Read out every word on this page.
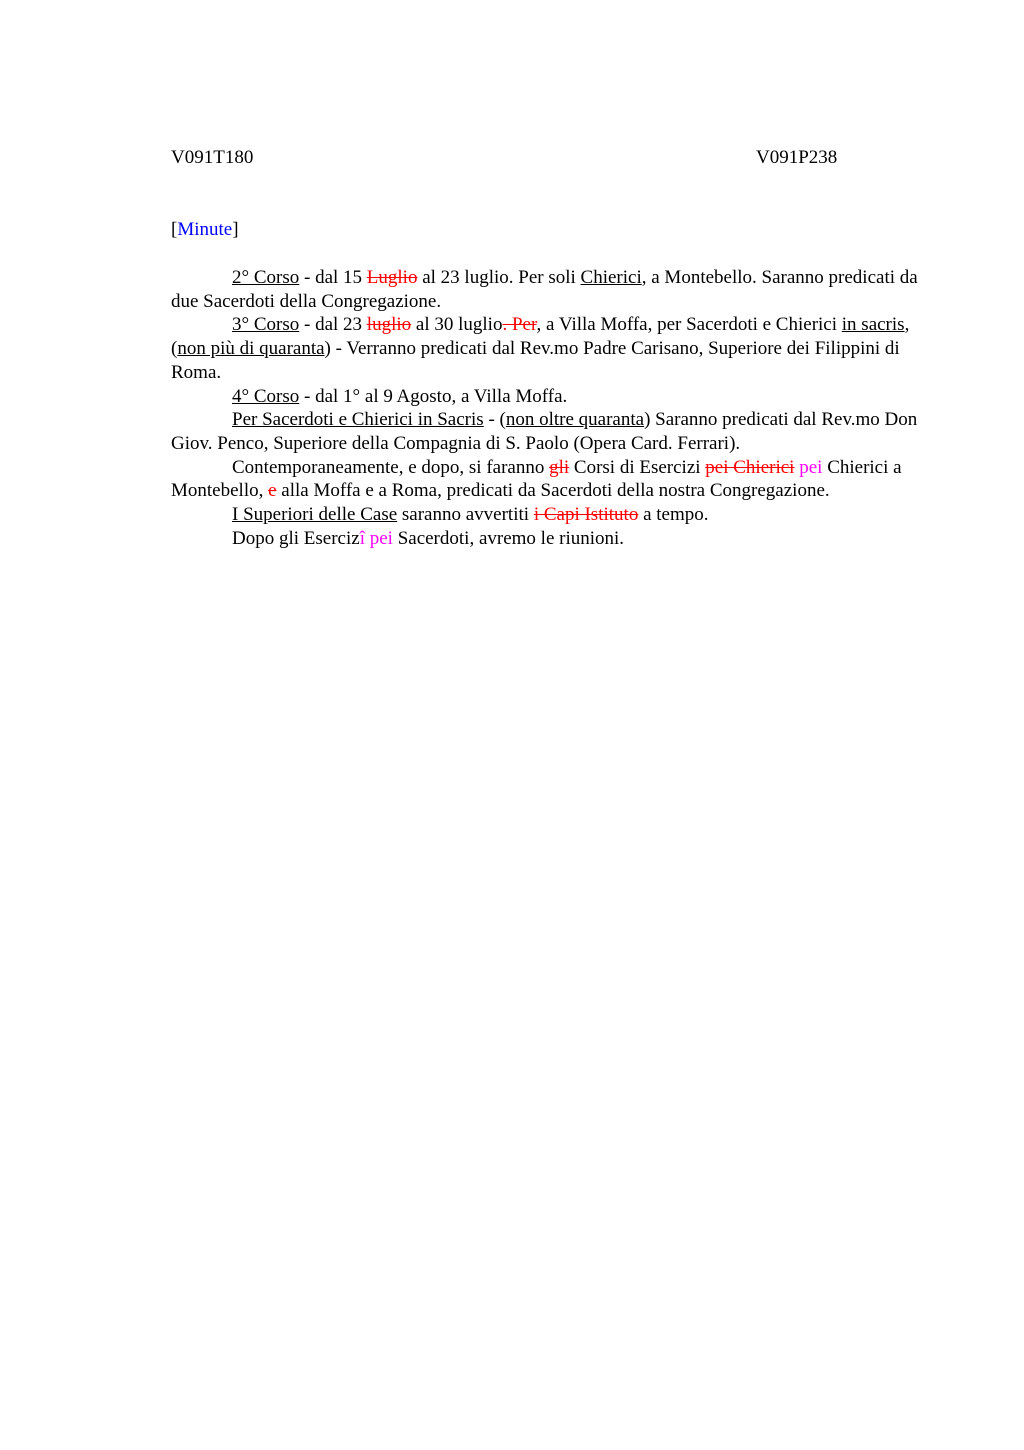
V091T180	V091P238
[Minute]

2° Corso - dal 15 Luglio al 23 luglio. Per soli Chierici, a Montebello. Saranno predicati da due Sacerdoti della Congregazione.

3° Corso - dal 23 luglio al 30 luglio. Per, a Villa Moffa, per Sacerdoti e Chierici in sacris, (non più di quaranta) - Verranno predicati dal Rev.mo Padre Carisano, Superiore dei Filippini di Roma.

4° Corso - dal 1° al 9 Agosto, a Villa Moffa.

Per Sacerdoti e Chierici in Sacris - (non oltre quaranta) Saranno predicati dal Rev.mo Don Giov. Penco, Superiore della Compagnia di S. Paolo (Opera Card. Ferrari).

Contemporaneamente, e dopo, si faranno gli Corsi di Esercizi pei Chierici pei Chierici a Montebello, e alla Moffa e a Roma, predicati da Sacerdoti della nostra Congregazione.

I Superiori delle Case saranno avvertiti i Capi Istituto a tempo.

Dopo gli Esercizî pei Sacerdoti, avremo le riunioni.
